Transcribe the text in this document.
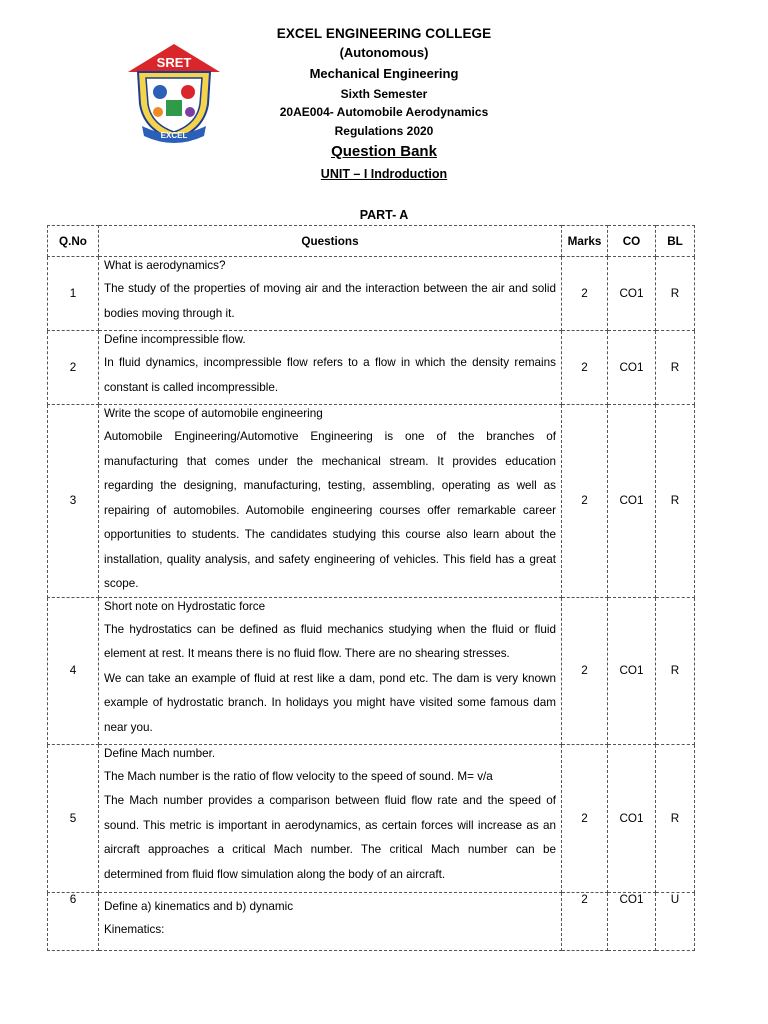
SRET
EXCEL
EXCEL ENGINEERING COLLEGE
(Autonomous)
Mechanical Engineering
Sixth Semester
20AE004- Automobile Aerodynamics
Regulations 2020
Question Bank
UNIT – I Indroduction
PART- A
Q.No	Questions	Marks	CO	BL
1	What is aerodynamics?
The study of the properties of moving air and the interaction between the air and solid bodies moving through it.	2	CO1	R
2	Define incompressible flow.
In fluid dynamics, incompressible flow refers to a flow in which the density remains constant is called incompressible.	2	CO1	R
3	Write the scope of automobile engineering
Automobile Engineering/Automotive Engineering is one of the branches of manufacturing that comes under the mechanical stream. It provides education regarding the designing, manufacturing, testing, assembling, operating as well as repairing of automobiles. Automobile engineering courses offer remarkable career opportunities to students. The candidates studying this course also learn about the installation, quality analysis, and safety engineering of vehicles. This field has a great scope.	2	CO1	R
4	Short note on Hydrostatic force
The hydrostatics can be defined as fluid mechanics studying when the fluid or fluid element at rest. It means there is no fluid flow. There are no shearing stresses.
We can take an example of fluid at rest like a dam, pond etc. The dam is very known example of hydrostatic branch. In holidays you might have visited some famous dam near you.	2	CO1	R
5	Define Mach number.
The Mach number is the ratio of flow velocity to the speed of sound. M= v/a
The Mach number provides a comparison between fluid flow rate and the speed of sound. This metric is important in aerodynamics, as certain forces will increase as an aircraft approaches a critical Mach number. The critical Mach number can be determined from fluid flow simulation along the body of an aircraft.	2	CO1	R
6	Define a) kinematics and b) dynamic
Kinematics:	2	CO1	U
